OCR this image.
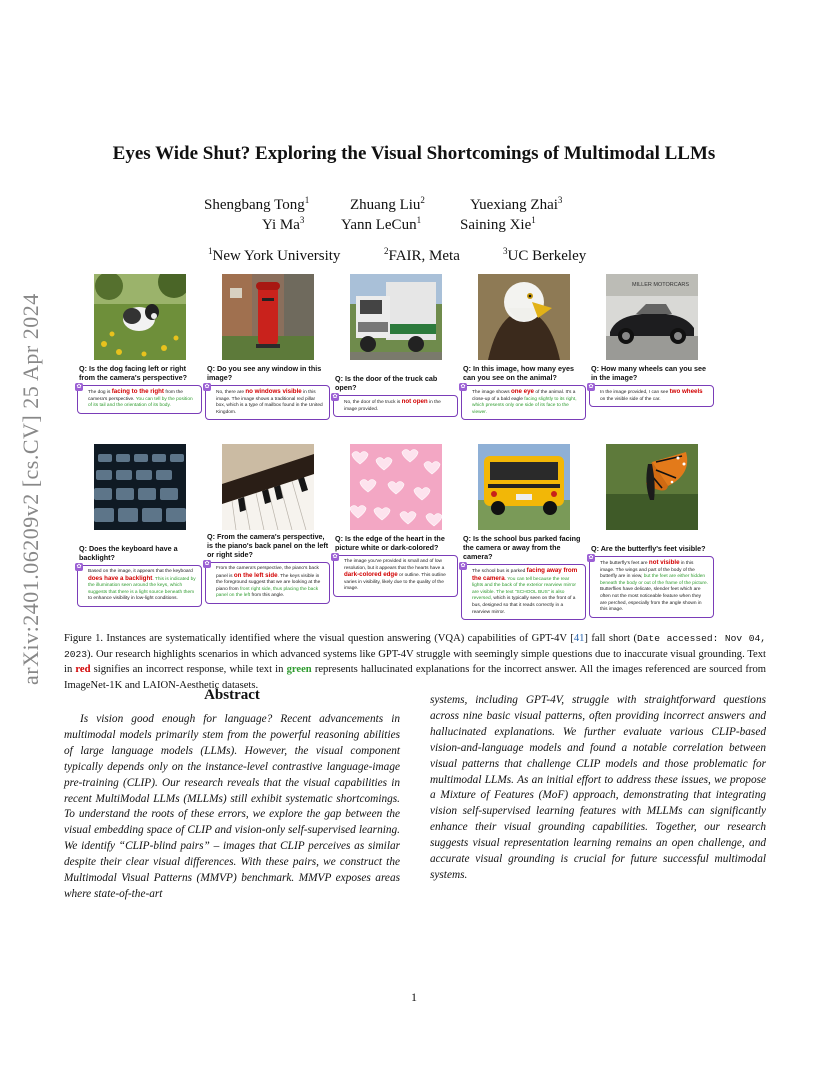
arXiv:2401.06209v2 [cs.CV] 25 Apr 2024
Eyes Wide Shut? Exploring the Visual Shortcomings of Multimodal LLMs
Shengbang Tong$^1$	Zhuang Liu$^2$	Yuexiang Zhai$^3$
Yi Ma$^3$ Yann LeCun$^1$	Saining Xie$^1$
$^1$New York University	$^2$FAIR, Meta	$^3$UC Berkeley
Q: Is the dog facing left or right from the camera's perspective?
✿
The dog is facing to the right from the camera's perspective. You can tell by the position of its tail and the orientation of its body.
Q: Do you see any window in this image?
✿
No, there are no windows visible in this image. The image shows a traditional red pillar box, which is a type of mailbox found in the United Kingdom.
Q: Is the door of the truck cab open?
✿
No, the door of the truck is not open in the image provided.
Q: In this image, how many eyes can you see on the animal?
✿
The image shows one eye of the animal. It's a close-up of a bald eagle facing slightly to its right, which presents only one side of its face to the viewer.
MILLER MOTORCARS
Q: How many wheels can you see in the image?
✿
In the image provided, I can see two wheels on the visible side of the car.
Q: Does the keyboard have a backlight?
✿
Based on the image, it appears that the keyboard does have a backlight. This is indicated by the illumination seen around the keys, which suggests that there is a light source beneath them to enhance visibility in low-light conditions.
Q: From the camera's perspective, is the piano's back panel on the left or right side?
✿
From the camera's perspective, the piano's back panel is on the left side. The keys visible in the foreground suggest that we are looking at the piano from front right side, thus placing the back panel on the left from this angle.
Q: Is the edge of the heart in the picture white or dark-colored?
✿
The image you've provided is small and of low resolution, but it appears that the hearts have a dark-colored edge or outline. This outline varies in visibility, likely due to the quality of the image.
Q: Is the school bus parked facing the camera or away from the camera?
✿
The school bus is parked facing away from the camera. You can tell because the rear lights and the back of the exterior rearview mirror are visible. The text "SCHOOL BUS" is also reversed, which is typically seen on the front of a bus, designed so that it reads correctly in a rearview mirror.
Q: Are the butterfly's feet visible?
✿
The butterfly's feet are not visible in this image. The wings and part of the body of the butterfly are in view, but the feet are either hidden beneath the body or out of the frame of the picture. Butterflies have delicate, slender feet which are often not the most noticeable feature when they are perched, especially from the angle shown in this image.
Figure 1. Instances are systematically identified where the visual question answering (VQA) capabilities of GPT-4V [41] fall short (Date accessed: Nov 04, 2023). Our research highlights scenarios in which advanced systems like GPT-4V struggle with seemingly simple questions due to inaccurate visual grounding. Text in red signifies an incorrect response, while text in green represents hallucinated explanations for the incorrect answer. All the images referenced are sourced from ImageNet-1K and LAION-Aesthetic datasets.
Abstract
Is vision good enough for language? Recent advancements in multimodal models primarily stem from the powerful reasoning abilities of large language models (LLMs). However, the visual component typically depends only on the instance-level contrastive language-image pre-training (CLIP). Our research reveals that the visual capabilities in recent MultiModal LLMs (MLLMs) still exhibit systematic shortcomings. To understand the roots of these errors, we explore the gap between the visual embedding space of CLIP and vision-only self-supervised learning. We identify “CLIP-blind pairs” – images that CLIP perceives as similar despite their clear visual differences. With these pairs, we construct the Multimodal Visual Patterns (MMVP) benchmark. MMVP exposes areas where state-of-the-art
systems, including GPT-4V, struggle with straightforward questions across nine basic visual patterns, often providing incorrect answers and hallucinated explanations. We further evaluate various CLIP-based vision-and-language models and found a notable correlation between visual patterns that challenge CLIP models and those problematic for multimodal LLMs. As an initial effort to address these issues, we propose a Mixture of Features (MoF) approach, demonstrating that integrating vision self-supervised learning features with MLLMs can significantly enhance their visual grounding capabilities. Together, our research suggests visual representation learning remains an open challenge, and accurate visual grounding is crucial for future successful multimodal systems.
1
